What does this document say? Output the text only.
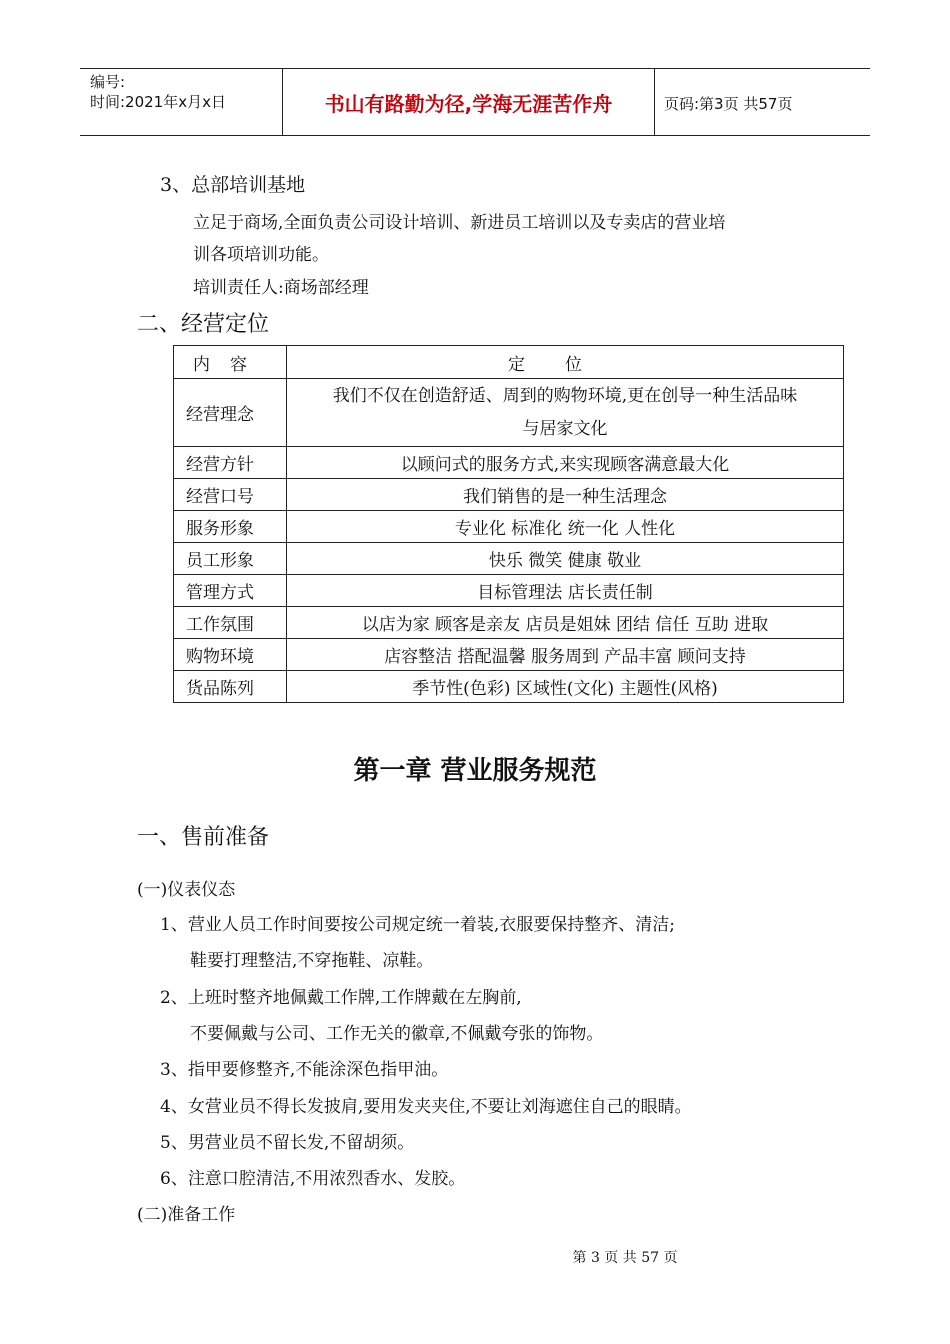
编号:
时间:2021年x月x日	书山有路勤为径,学海无涯苦作舟	页码:第3页 共57页
3、总部培训基地
立足于商场,全面负责公司设计培训、新进员工培训以及专卖店的营业培
训各项培训功能。
培训责任人:商场部经理
二、经营定位
内容	定位
经营理念	我们不仅在创造舒适、周到的购物环境,更在创导一种生活品味
与居家文化

经营方针	以顾问式的服务方式,来实现顾客满意最大化
经营口号	我们销售的是一种生活理念
服务形象	专业化 标准化 统一化 人性化
员工形象	快乐 微笑 健康 敬业
管理方式	目标管理法 店长责任制
工作氛围	以店为家 顾客是亲友 店员是姐妹 团结 信任 互助 进取
购物环境	店容整洁 搭配温馨 服务周到 产品丰富 顾问支持
货品陈列	季节性(色彩) 区域性(文化) 主题性(风格)
第一章 营业服务规范
一、售前准备
(一)仪表仪态
1、营业人员工作时间要按公司规定统一着装,衣服要保持整齐、清洁;
鞋要打理整洁,不穿拖鞋、凉鞋。
2、上班时整齐地佩戴工作牌,工作牌戴在左胸前,
不要佩戴与公司、工作无关的徽章,不佩戴夸张的饰物。
3、指甲要修整齐,不能涂深色指甲油。
4、女营业员不得长发披肩,要用发夹夹住,不要让刘海遮住自己的眼睛。
5、男营业员不留长发,不留胡须。
6、注意口腔清洁,不用浓烈香水、发胶。
(二)准备工作
第 3 页 共 57 页
